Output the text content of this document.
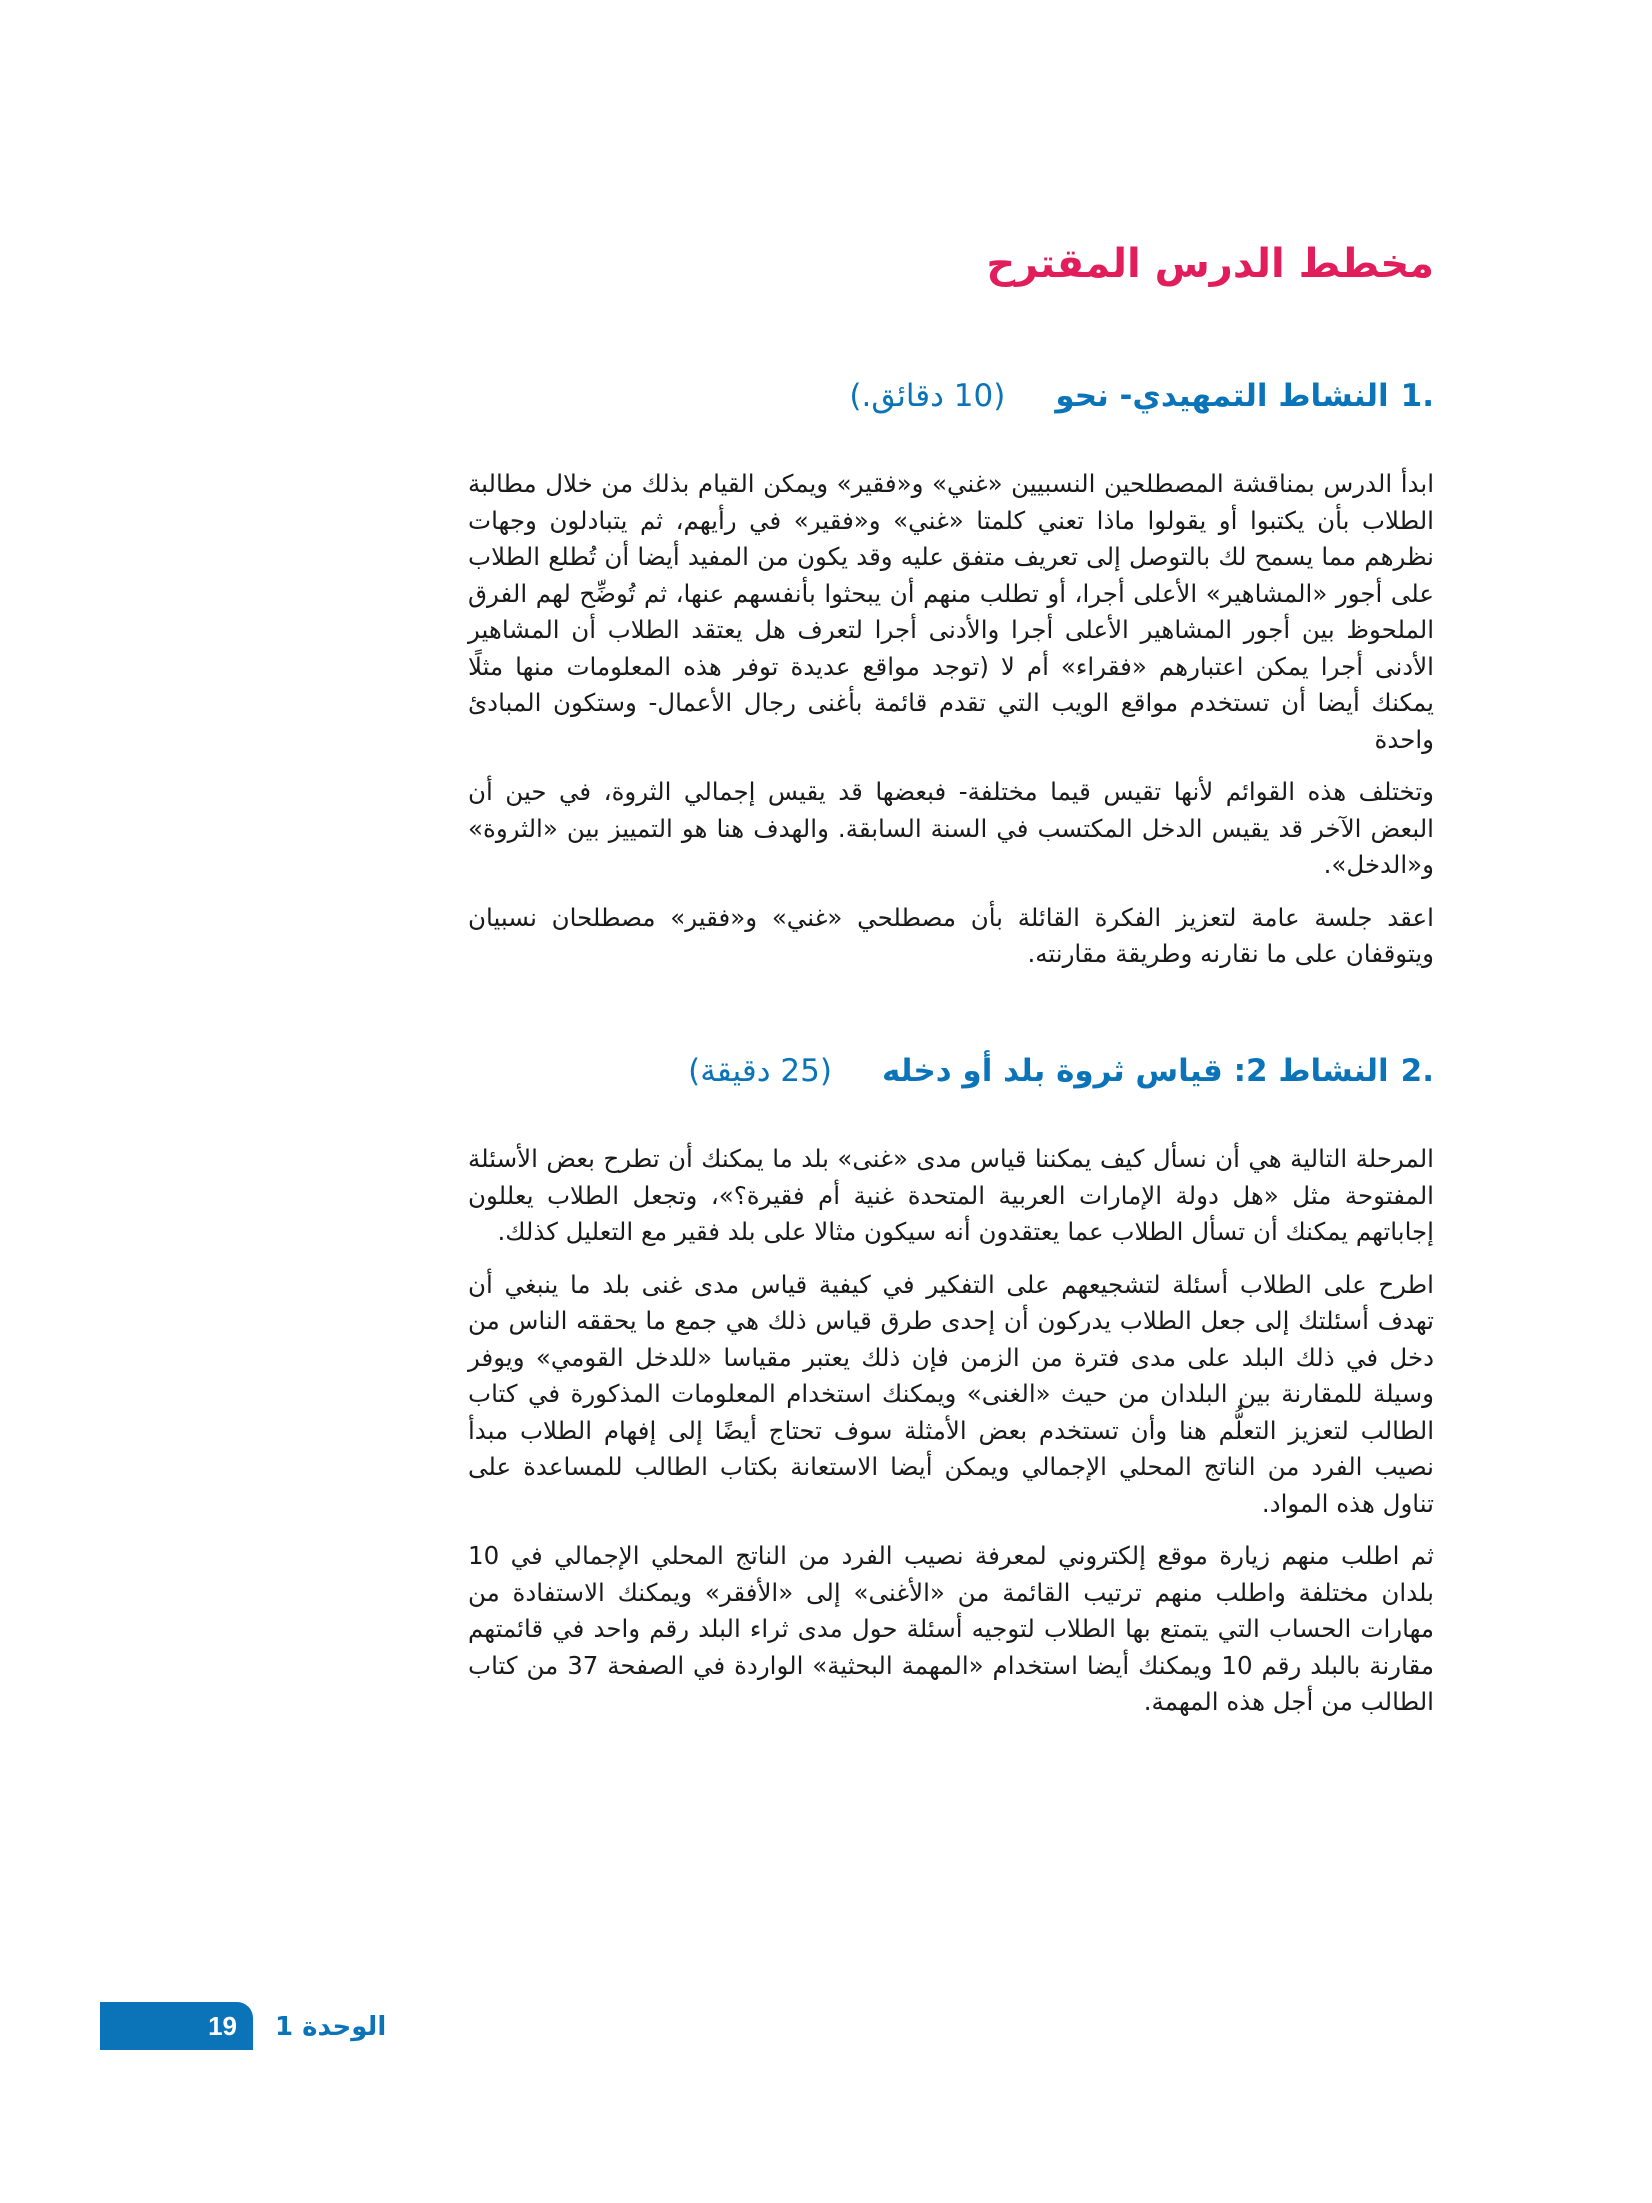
مخطط الدرس المقترح
.1
النشاط التمهيدي- نحو
(10 دقائق.)

ابدأ الدرس بمناقشة المصطلحين النسبيين «غني» و«فقير» ويمكن القيام بذلك من خلال مطالبة الطلاب بأن يكتبوا أو يقولوا ماذا تعني كلمتا «غني» و«فقير» في رأيهم، ثم يتبادلون وجهات نظرهم مما يسمح لك بالتوصل إلى تعريف متفق عليه وقد يكون من المفيد أيضا أن تُطلع الطلاب على أجور «المشاهير» الأعلى أجرا، أو تطلب منهم أن يبحثوا بأنفسهم عنها، ثم تُوضِّح لهم الفرق الملحوظ بين أجور المشاهير الأعلى أجرا والأدنى أجرا لتعرف هل يعتقد الطلاب أن المشاهير الأدنى أجرا يمكن اعتبارهم «فقراء» أم لا (توجد مواقع عديدة توفر هذه المعلومات منها مثلًا يمكنك أيضا أن تستخدم مواقع الويب التي تقدم قائمة بأغنى رجال الأعمال- وستكون المبادئ واحدة

وتختلف هذه القوائم لأنها تقيس قيما مختلفة- فبعضها قد يقيس إجمالي الثروة، في حين أن البعض الآخر قد يقيس الدخل المكتسب في السنة السابقة. والهدف هنا هو التمييز بين «الثروة» و«الدخل».

اعقد جلسة عامة لتعزيز الفكرة القائلة بأن مصطلحي «غني» و«فقير» مصطلحان نسبيان ويتوقفان على ما نقارنه وطريقة مقارنته.

.2
النشاط 2: قياس ثروة بلد أو دخله
(25 دقيقة)

المرحلة التالية هي أن نسأل كيف يمكننا قياس مدى «غنى» بلد ما يمكنك أن تطرح بعض الأسئلة المفتوحة مثل «هل دولة الإمارات العربية المتحدة غنية أم فقيرة؟»، وتجعل الطلاب يعللون إجاباتهم يمكنك أن تسأل الطلاب عما يعتقدون أنه سيكون مثالا على بلد فقير مع التعليل كذلك.

اطرح على الطلاب أسئلة لتشجيعهم على التفكير في كيفية قياس مدى غنى بلد ما ينبغي أن تهدف أسئلتك إلى جعل الطلاب يدركون أن إحدى طرق قياس ذلك هي جمع ما يحققه الناس من دخل في ذلك البلد على مدى فترة من الزمن فإن ذلك يعتبر مقياسا «للدخل القومي» ويوفر وسيلة للمقارنة بين البلدان من حيث «الغنى» ويمكنك استخدام المعلومات المذكورة في كتاب الطالب لتعزيز التعلُّم هنا وأن تستخدم بعض الأمثلة سوف تحتاج أيضًا إلى إفهام الطلاب مبدأ نصيب الفرد من الناتج المحلي الإجمالي ويمكن أيضا الاستعانة بكتاب الطالب للمساعدة على تناول هذه المواد.

ثم اطلب منهم زيارة موقع إلكتروني لمعرفة نصيب الفرد من الناتج المحلي الإجمالي في 10 بلدان مختلفة واطلب منهم ترتيب القائمة من «الأغنى» إلى «الأفقر» ويمكنك الاستفادة من مهارات الحساب التي يتمتع بها الطلاب لتوجيه أسئلة حول مدى ثراء البلد رقم واحد في قائمتهم مقارنة بالبلد رقم 10 ويمكنك أيضا استخدام «المهمة البحثية» الواردة في الصفحة 37 من كتاب الطالب من أجل هذه المهمة.

19 الوحدة 1
